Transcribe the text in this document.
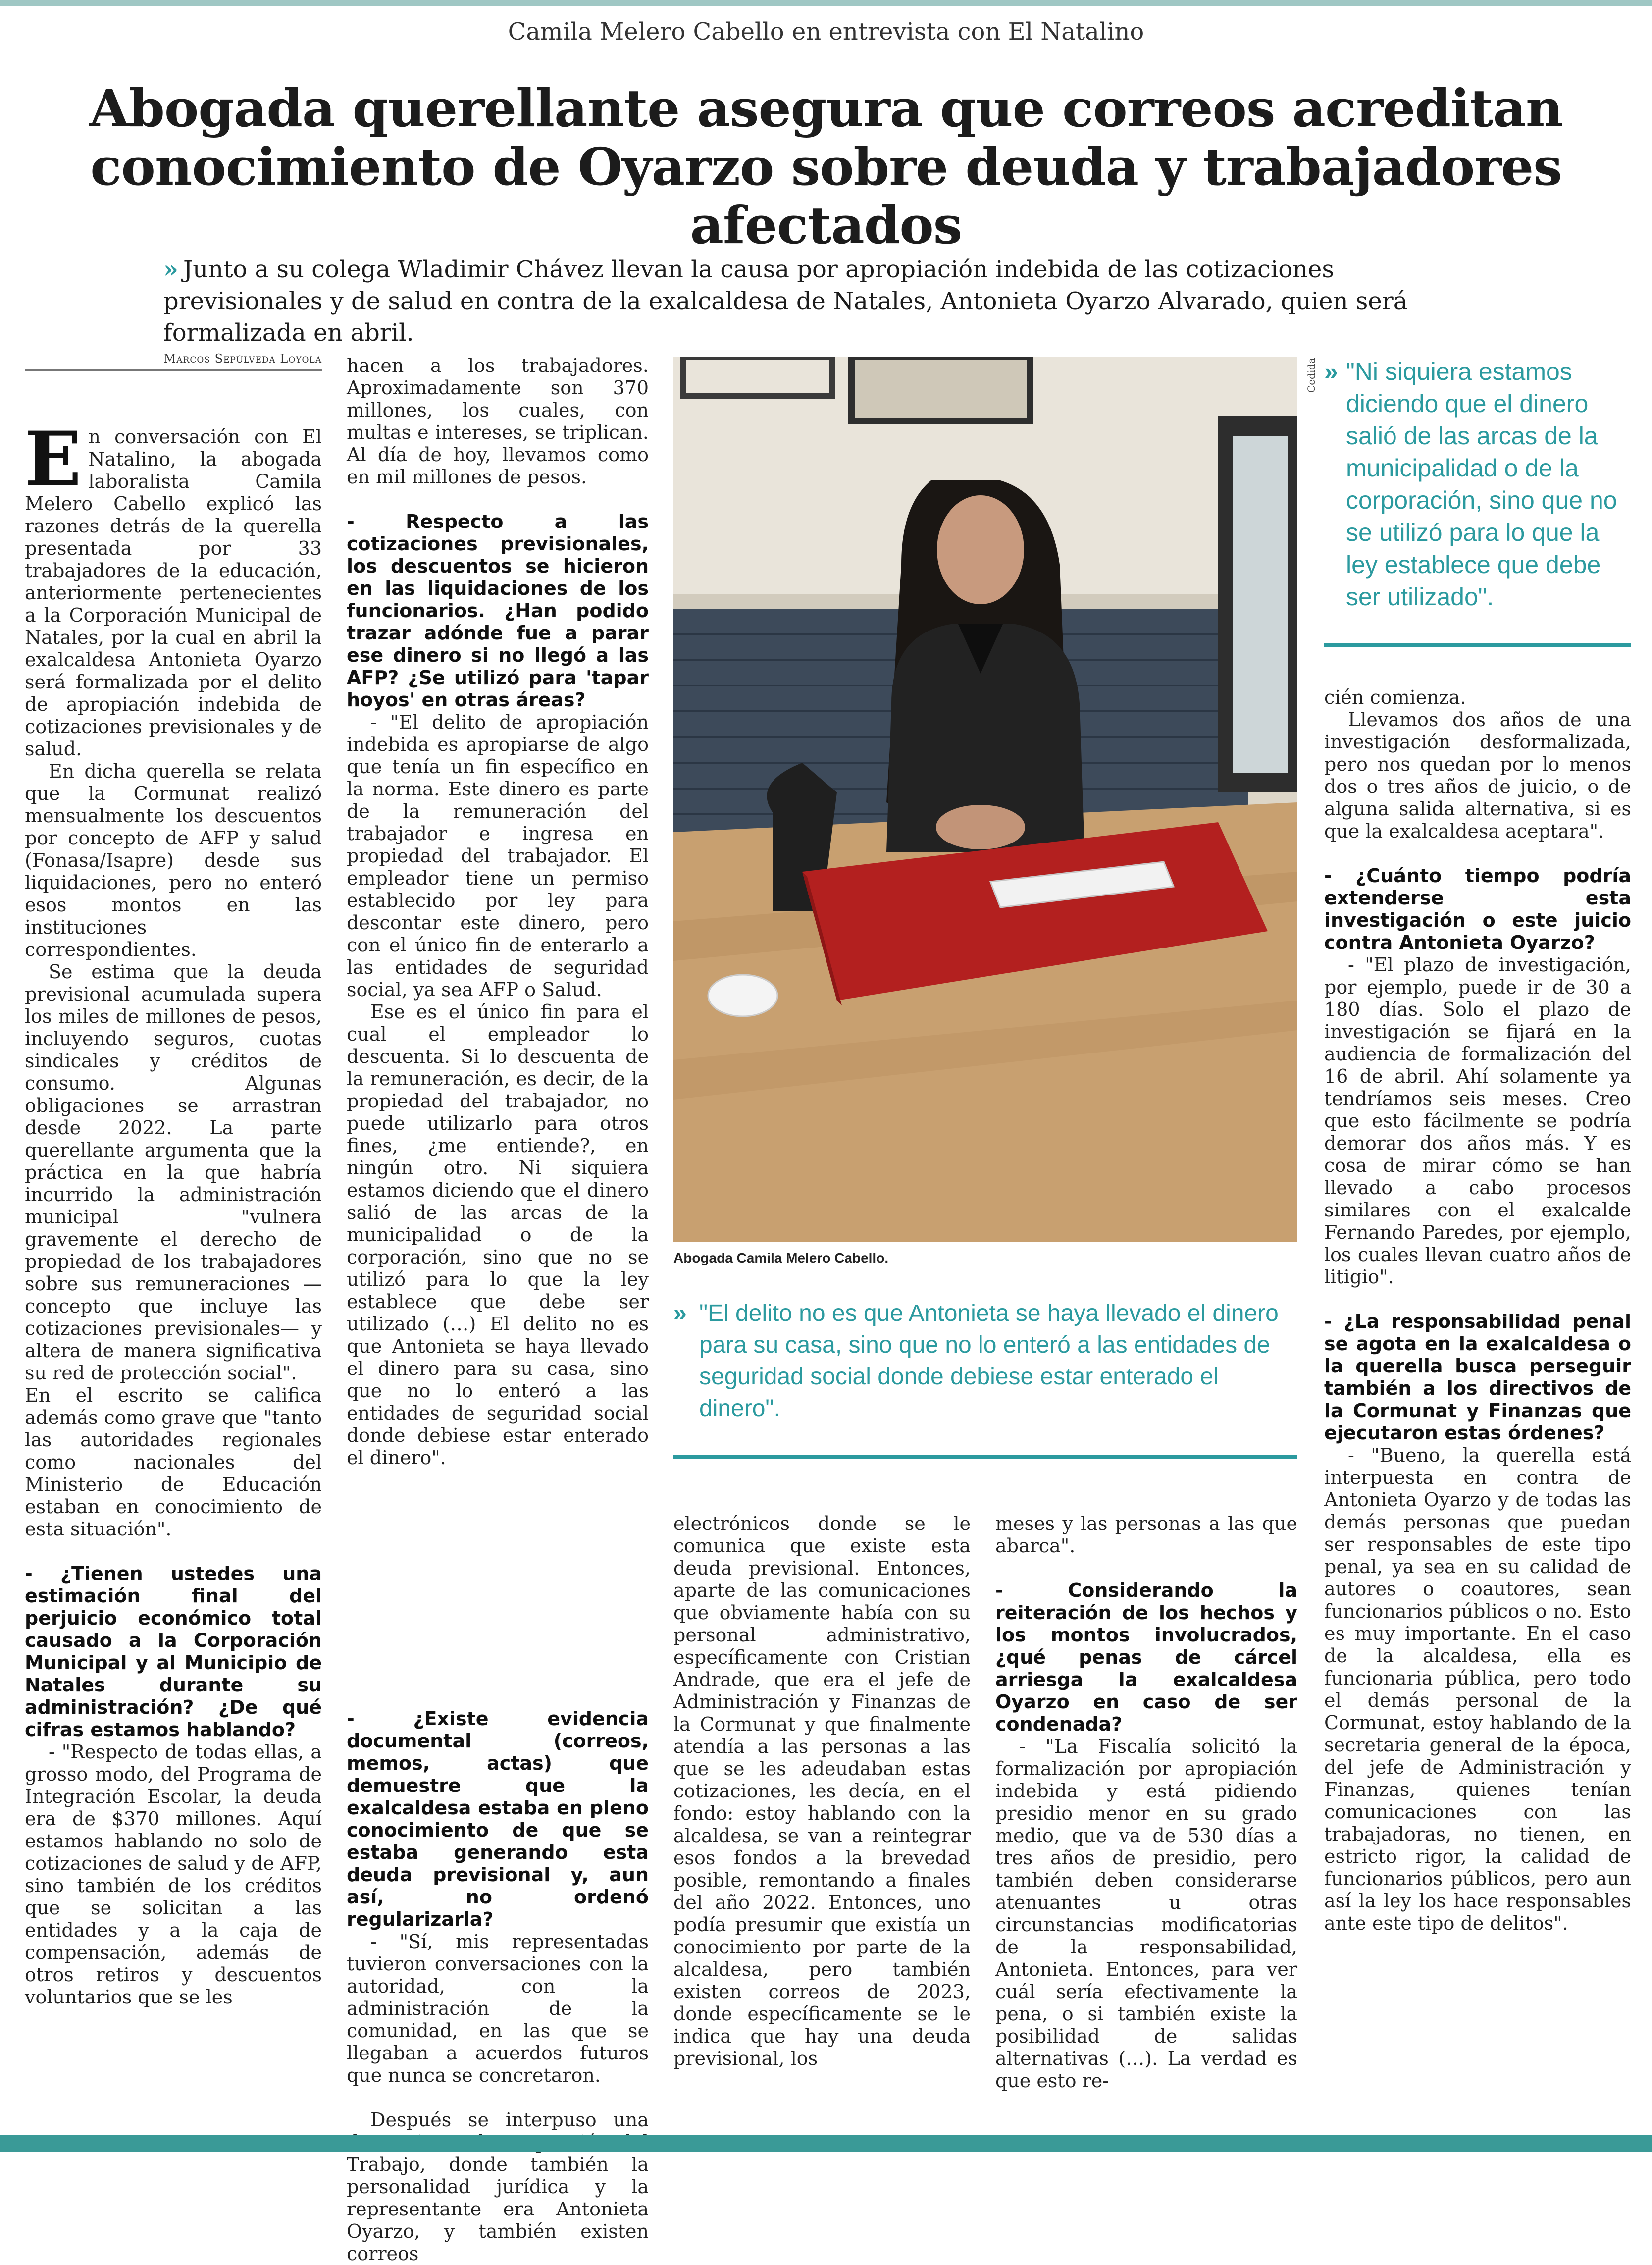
Camila Melero Cabello en entrevista con El Natalino
Abogada querellante asegura que correos acreditan
conocimiento de Oyarzo sobre deuda y trabajadores afectados
» Junto a su colega Wladimir Chávez llevan la causa por apropiación indebida de las cotizaciones previsionales y de salud en contra de la exalcaldesa de Natales, Antonieta Oyarzo Alvarado, quien será formalizada en abril.
Marcos Sepúlveda Loyola

En conversación con El Natalino, la abogada laboralista Camila Melero Cabello explicó las razones detrás de la querella presentada por 33 trabajadores de la educación, anteriormente pertenecientes a la Corporación Municipal de Natales, por la cual en abril la exalcaldesa Antonieta Oyarzo será formalizada por el delito de apropiación indebida de cotizaciones previsionales y de salud.

En dicha querella se relata que la Cormunat realizó mensualmente los descuentos por concepto de AFP y salud (Fonasa/Isapre) desde sus liquidaciones, pero no enteró esos montos en las instituciones correspondientes.

Se estima que la deuda previsional acumulada supera los miles de millones de pesos, incluyendo seguros, cuotas sindicales y créditos de consumo. Algunas obligaciones se arrastran desde 2022. La parte querellante argumenta que la práctica en la que habría incurrido la administración municipal "vulnera gravemente el derecho de propiedad de los trabajadores sobre sus remuneraciones —concepto que incluye las cotizaciones previsionales— y altera de manera significativa su red de protección social".

En el escrito se califica además como grave que "tanto las autoridades regionales como nacionales del Ministerio de Educación estaban en conocimiento de esta situación".

- ¿Tienen ustedes una estimación final del perjuicio económico total causado a la Corporación Municipal y al Municipio de Natales durante su administración? ¿De qué cifras estamos hablando?

- "Respecto de todas ellas, a grosso modo, del Programa de Integración Escolar, la deuda era de $370 millones. Aquí estamos hablando no solo de cotizaciones de salud y de AFP, sino también de los créditos que se solicitan a las entidades y a la caja de compensación, además de otros retiros y descuentos voluntarios que se les

hacen a los trabajadores. Aproximadamente son 370 millones, los cuales, con multas e intereses, se triplican. Al día de hoy, llevamos como en mil millones de pesos.

- Respecto a las cotizaciones previsionales, los descuentos se hicieron en las liquidaciones de los funcionarios. ¿Han podido trazar adónde fue a parar ese dinero si no llegó a las AFP? ¿Se utilizó para 'tapar hoyos' en otras áreas?

- "El delito de apropiación indebida es apropiarse de algo que tenía un fin específico en la norma. Este dinero es parte de la remuneración del trabajador e ingresa en propiedad del trabajador. El empleador tiene un permiso establecido por ley para descontar este dinero, pero con el único fin de enterarlo a las entidades de seguridad social, ya sea AFP o Salud.

Ese es el único fin para el cual el empleador lo descuenta. Si lo descuenta de la remuneración, es decir, de la propiedad del trabajador, no puede utilizarlo para otros fines, ¿me entiende?, en ningún otro. Ni siquiera estamos diciendo que el dinero salió de las arcas de la municipalidad o de la corporación, sino que no se utilizó para lo que la ley establece que debe ser utilizado (…) El delito no es que Antonieta se haya llevado el dinero para su casa, sino que no lo enteró a las entidades de seguridad social donde debiese estar enterado el dinero".

- ¿Existe evidencia documental (correos, memos, actas) que demuestre que la exalcaldesa estaba en pleno conocimiento de que se estaba generando esta deuda previsional y, aun así, no ordenó regularizarla?

- "Sí, mis representadas tuvieron conversaciones con la autoridad, con la administración de la comunidad, en las que se llegaban a acuerdos futuros que nunca se concretaron.

Después se interpuso una Trabajo, donde también la personalidad jurídica y la representante era Antonieta Oyarzo, y también existen correos

Cedida
Abogada Camila Melero Cabello.
» "El delito no es que Antonieta se haya llevado el dinero para su casa, sino que no lo enteró a las entidades de seguridad social donde debiese estar enterado el dinero".
» "Ni siquiera estamos diciendo que el dinero salió de las arcas de la municipalidad o de la corporación, sino que no se utilizó para lo que la ley establece que debe ser utilizado".

electrónicos donde se le comunica que existe esta deuda previsional. Entonces, aparte de las comunicaciones que obviamente había con su personal administrativo, específicamente con Cristian Andrade, que era el jefe de Administración y Finanzas de la Cormunat y que finalmente atendía a las personas a las que se les adeudaban estas cotizaciones, les decía, en el fondo: estoy hablando con la alcaldesa, se van a reintegrar esos fondos a la brevedad posible, remontando a finales del año 2022. Entonces, uno podía presumir que existía un conocimiento por parte de la alcaldesa, pero también existen correos de 2023, donde específicamente se le indica que hay una deuda previsional, los

meses y las personas a las que abarca".

- Considerando la reiteración de los hechos y los montos involucrados, ¿qué penas de cárcel arriesga la exalcaldesa Oyarzo en caso de ser condenada?

- "La Fiscalía solicitó la formalización por apropiación indebida y está pidiendo presidio menor en su grado medio, que va de 530 días a tres años de presidio, pero también deben considerarse atenuantes u otras circunstancias modificatorias de la responsabilidad, Antonieta. Entonces, para ver cuál sería efectivamente la pena, o si también existe la posibilidad de salidas alternativas (…). La verdad es que esto re-

cién comienza.

Llevamos dos años de una investigación desformalizada, pero nos quedan por lo menos dos o tres años de juicio, o de alguna salida alternativa, si es que la exalcaldesa aceptara".

- ¿Cuánto tiempo podría extenderse esta investigación o este juicio contra Antonieta Oyarzo?

- "El plazo de investigación, por ejemplo, puede ir de 30 a 180 días. Solo el plazo de investigación se fijará en la audiencia de formalización del 16 de abril. Ahí solamente ya tendríamos seis meses. Creo que esto fácilmente se podría demorar dos años más. Y es cosa de mirar cómo se han llevado a cabo procesos similares con el exalcalde Fernando Paredes, por ejemplo, los cuales llevan cuatro años de litigio".

- ¿La responsabilidad penal se agota en la exalcaldesa o la querella busca perseguir también a los directivos de la Cormunat y Finanzas que ejecutaron estas órdenes?

- "Bueno, la querella está interpuesta en contra de Antonieta Oyarzo y de todas las demás personas que puedan ser responsables de este tipo penal, ya sea en su calidad de autores o coautores, sean funcionarios públicos o no. Esto es muy importante. En el caso de la alcaldesa, ella es funcionaria pública, pero todo el demás personal de la Cormunat, estoy hablando de la secretaria general de la época, del jefe de Administración y Finanzas, quienes tenían comunicaciones con las trabajadoras, no tienen, en estricto rigor, la calidad de funcionarios públicos, pero aun así la ley los hace responsables ante este tipo de delitos".
